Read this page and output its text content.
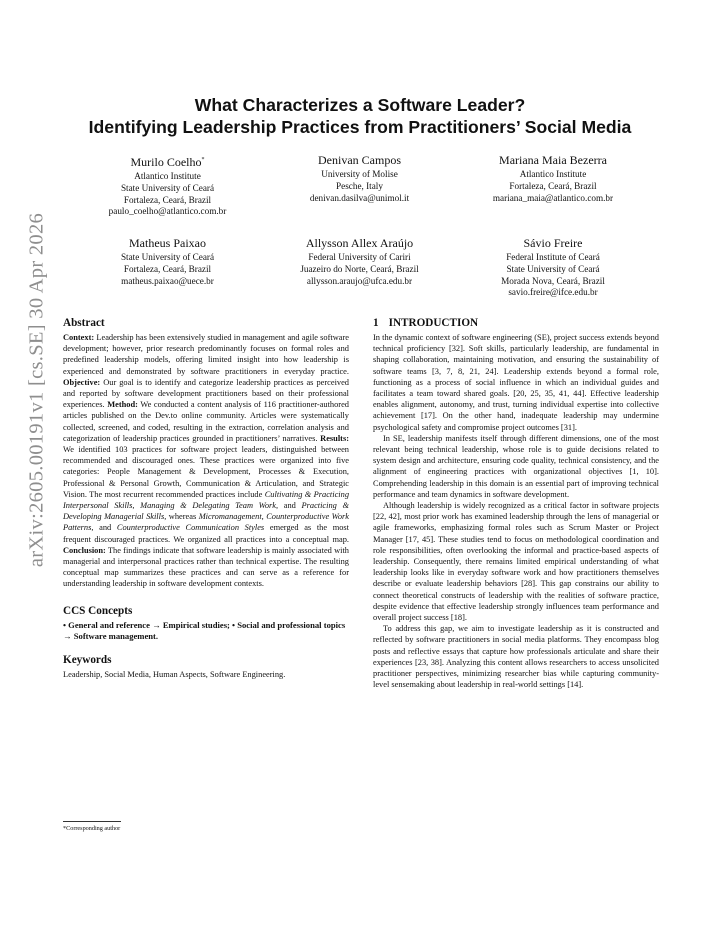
arXiv:2605.00191v1 [cs.SE] 30 Apr 2026
What Characterizes a Software Leader?
Identifying Leadership Practices from Practitioners’ Social Media
Murilo Coelho*
Atlantico Institute
State University of Ceará
Fortaleza, Ceará, Brazil
paulo_coelho@atlantico.com.br
Denivan Campos
University of Molise
Pesche, Italy
denivan.dasilva@unimol.it
Mariana Maia Bezerra
Atlantico Institute
Fortaleza, Ceará, Brazil
mariana_maia@atlantico.com.br
Matheus Paixao
State University of Ceará
Fortaleza, Ceará, Brazil
matheus.paixao@uece.br
Allysson Allex Araújo
Federal University of Cariri
Juazeiro do Norte, Ceará, Brazil
allysson.araujo@ufca.edu.br
Sávio Freire
Federal Institute of Ceará
State University of Ceará
Morada Nova, Ceará, Brazil
savio.freire@ifce.edu.br
Abstract

Context: Leadership has been extensively studied in management and agile software development; however, prior research predominantly focuses on formal roles and predefined leadership models, offering limited insight into how leadership is experienced and demonstrated by software practitioners in everyday practice. Objective: Our goal is to identify and categorize leadership practices as perceived and reported by software development practitioners based on their professional experiences. Method: We conducted a content analysis of 116 practitioner-authored articles published on the Dev.to online community. Articles were systematically collected, screened, and coded, resulting in the extraction, correlation analysis and categorization of leadership practices grounded in practitioners’ narratives. Results: We identified 103 practices for software project leaders, distinguished between recommended and discouraged ones. These practices were organized into five categories: People Management & Development, Processes & Execution, Professional & Personal Growth, Communication & Articulation, and Strategic Vision. The most recurrent recommended practices include Cultivating & Practicing Interpersonal Skills, Managing & Delegating Team Work, and Practicing & Developing Managerial Skills, whereas Micromanagement, Counterproductive Work Patterns, and Counterproductive Communication Styles emerged as the most frequent discouraged practices. We organized all practices into a conceptual map. Conclusion: The findings indicate that software leadership is mainly associated with managerial and interpersonal practices rather than technical expertise. The resulting conceptual map summarizes these practices and can serve as a reference for understanding leadership in software development contexts.

CCS Concepts

• General and reference → Empirical studies; • Social and professional topics → Software management.

Keywords

Leadership, Social Media, Human Aspects, Software Engineering.

*Corresponding author
1 INTRODUCTION

In the dynamic context of software engineering (SE), project success extends beyond technical proficiency [32]. Soft skills, particularly leadership, are fundamental in shaping collaboration, maintaining motivation, and ensuring the sustainability of software teams [3, 7, 8, 21, 24]. Leadership extends beyond a formal role, functioning as a process of social influence in which an individual guides and facilitates a team toward shared goals. [20, 25, 35, 41, 44]. Effective leadership enables alignment, autonomy, and trust, turning individual expertise into collective achievement [17]. On the other hand, inadequate leadership may undermine psychological safety and compromise project outcomes [31].

In SE, leadership manifests itself through different dimensions, one of the most relevant being technical leadership, whose role is to guide decisions related to system design and architecture, ensuring code quality, technical consistency, and the alignment of engineering practices with organizational objectives [1, 10]. Comprehending leadership in this domain is an essential part of improving technical performance and team dynamics in software development.

Although leadership is widely recognized as a critical factor in software projects [22, 42], most prior work has examined leadership through the lens of managerial or agile frameworks, emphasizing formal roles such as Scrum Master or Project Manager [17, 45]. These studies tend to focus on methodological coordination and role responsibilities, often overlooking the informal and practice-based aspects of leadership. Consequently, there remains limited empirical understanding of what leadership looks like in everyday software work and how practitioners themselves describe or evaluate leadership behaviors [28]. This gap constrains our ability to connect theoretical constructs of leadership with the realities of software practice, despite evidence that effective leadership strongly influences team performance and overall project success [18].

To address this gap, we aim to investigate leadership as it is constructed and reflected by software practitioners in social media platforms. They encompass blog posts and reflective essays that capture how professionals articulate and share their experiences [23, 38]. Analyzing this content allows researchers to access unsolicited practitioner perspectives, minimizing researcher bias while capturing community-level sensemaking about leadership in real-world settings [14].
